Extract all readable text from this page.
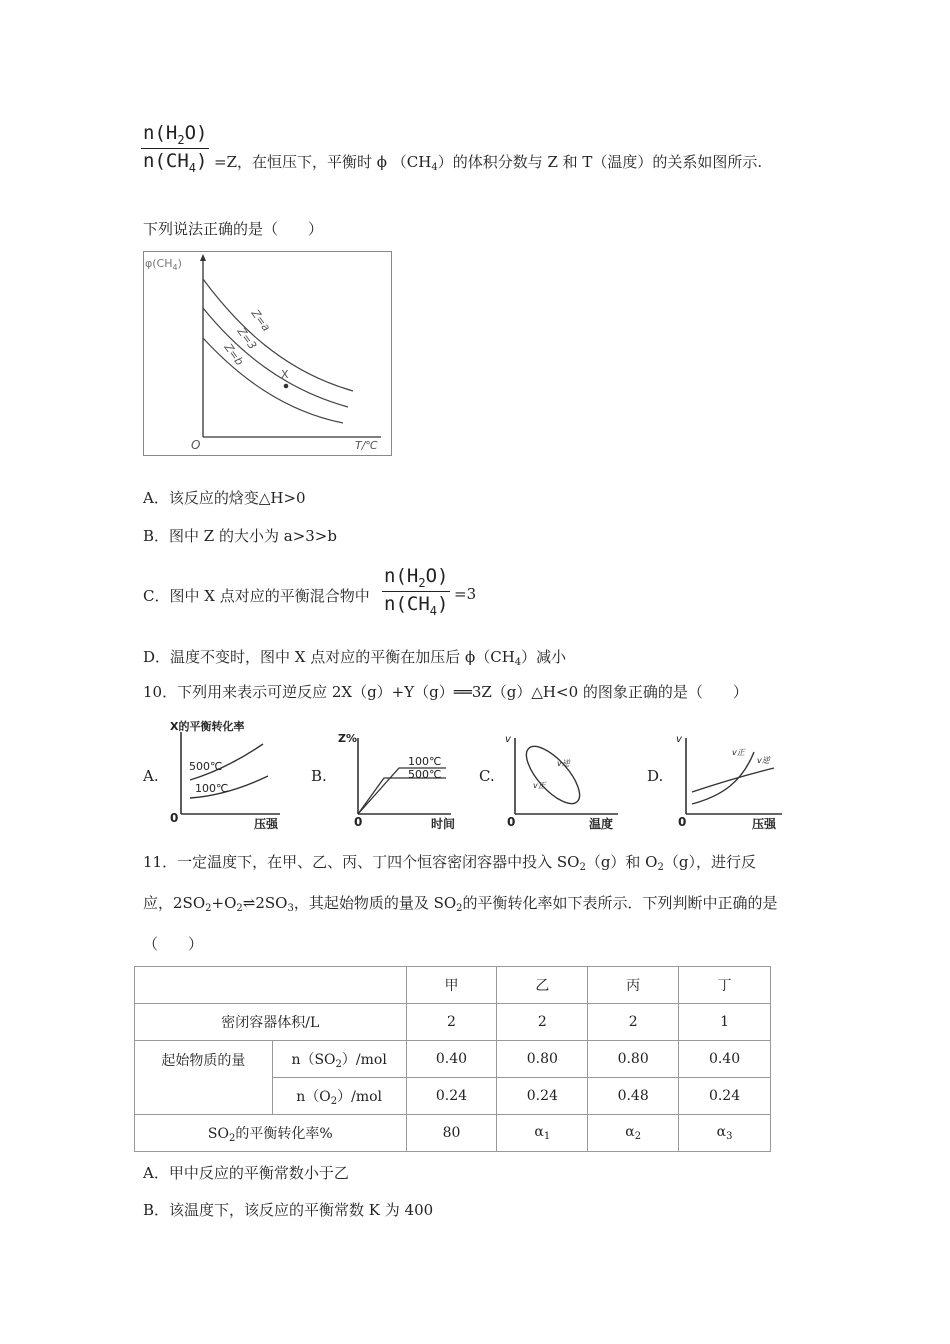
$n(H_2O)$
$n(CH_4) =Z$，在恒压下，平衡时 ϕ $(CH_4)$的体积分数与 Z 和 T（温度）的关系如图所示.
下列说法正确的是（　　）
$\varphi(CH_4)$
O	T/℃
Z=a
Z=3
Z=b
X
A．该反应的焓变△H>0
B．图中 Z 的大小为 a>3>b
C．图中 X 点对应的平衡混合物中
$n(H_2O)$
$n(CH_4) =3$
D．温度不变时，图中 X 点对应的平衡在加压后 $\phi(CH_4)$减小
10．下列用来表示可逆反应 2X（g）+Y（g）══3Z（g）△H<0 的图象正确的是（　　）
A.
X的平衡转化率
500℃
100℃
0	压强
B.
Z%
100℃
500℃
0	时间
C.
v
v逆
v正
0	温度
D.
v
v正
v逆
0	压强
11．一定温度下，在甲、乙、丙、丁四个恒容密闭容器中投入 $SO_2(g)$和 $O_2(g)$，进行反
应，$2SO_2+O_2\rightleftharpoons 2SO_3$，其起始物质的量及 $SO_2$的平衡转化率如下表所示．下列判断中正确的是
（　　）
		甲	乙	丙	丁
密闭容器体积/L		2	2	2	1
起始物质的量	$n(SO_2)$/mol	0.40	0.80	0.80	0.40
	$n(O_2)$/mol	0.24	0.24	0.48	0.24
$SO_2$的平衡转化率%		80	$\alpha_1$	$\alpha_2$	$\alpha_3$
A．甲中反应的平衡常数小于乙
B．该温度下，该反应的平衡常数 K 为 400
